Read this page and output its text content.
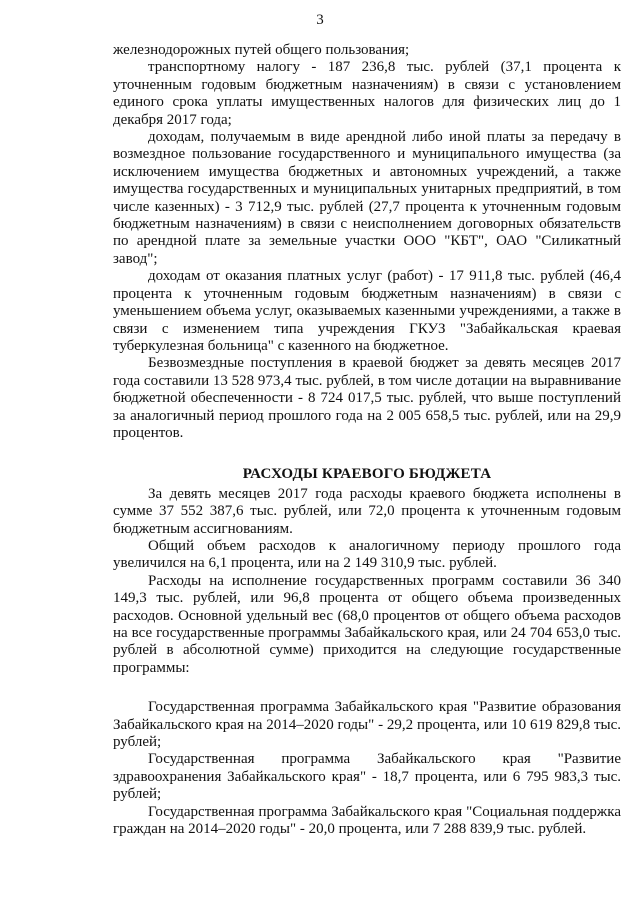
3

железнодорожных путей общего пользования;

транспортному налогу - 187 236,8 тыс. рублей (37,1 процента к уточненным годовым бюджетным назначениям) в связи с установлением единого срока уплаты имущественных налогов для физических лиц до 1 декабря 2017 года;

доходам, получаемым в виде арендной либо иной платы за передачу в возмездное пользование государственного и муниципального имущества (за исключением имущества бюджетных и автономных учреждений, а также имущества государственных и муниципальных унитарных предприятий, в том числе казенных) - 3 712,9 тыс. рублей (27,7 процента к уточненным годовым бюджетным назначениям) в связи с неисполнением договорных обязательств по арендной плате за земельные участки ООО "КБТ", ОАО "Силикатный завод";

доходам от оказания платных услуг (работ) - 17 911,8 тыс. рублей (46,4 процента к уточненным годовым бюджетным назначениям) в связи с уменьшением объема услуг, оказываемых казенными учреждениями, а также в связи с изменением типа учреждения ГКУЗ "Забайкальская краевая туберкулезная больница" с казенного на бюджетное.

Безвозмездные поступления в краевой бюджет за девять месяцев 2017 года составили 13 528 973,4 тыс. рублей, в том числе дотации на выравнивание бюджетной обеспеченности - 8 724 017,5 тыс. рублей, что выше поступлений за аналогичный период прошлого года на 2 005 658,5 тыс. рублей, или на 29,9 процентов.

РАСХОДЫ КРАЕВОГО БЮДЖЕТА

За девять месяцев 2017 года расходы краевого бюджета исполнены в сумме 37 552 387,6 тыс. рублей, или 72,0 процента к уточненным годовым бюджетным ассигнованиям.

Общий объем расходов к аналогичному периоду прошлого года увеличился на 6,1 процента, или на 2 149 310,9 тыс. рублей.

Расходы на исполнение государственных программ составили 36 340 149,3 тыс. рублей, или 96,8 процента от общего объема произведенных расходов. Основной удельный вес (68,0 процентов от общего объема расходов на все государственные программы Забайкальского края, или 24 704 653,0 тыс. рублей в абсолютной сумме) приходится на следующие государственные программы:

Государственная программа Забайкальского края "Развитие образования Забайкальского края на 2014–2020 годы" - 29,2 процента, или 10 619 829,8 тыс. рублей;

Государственная программа Забайкальского края "Развитие здравоохранения Забайкальского края" - 18,7 процента, или 6 795 983,3 тыс. рублей;

Государственная программа Забайкальского края "Социальная поддержка граждан на 2014–2020 годы" - 20,0 процента, или 7 288 839,9 тыс. рублей.
